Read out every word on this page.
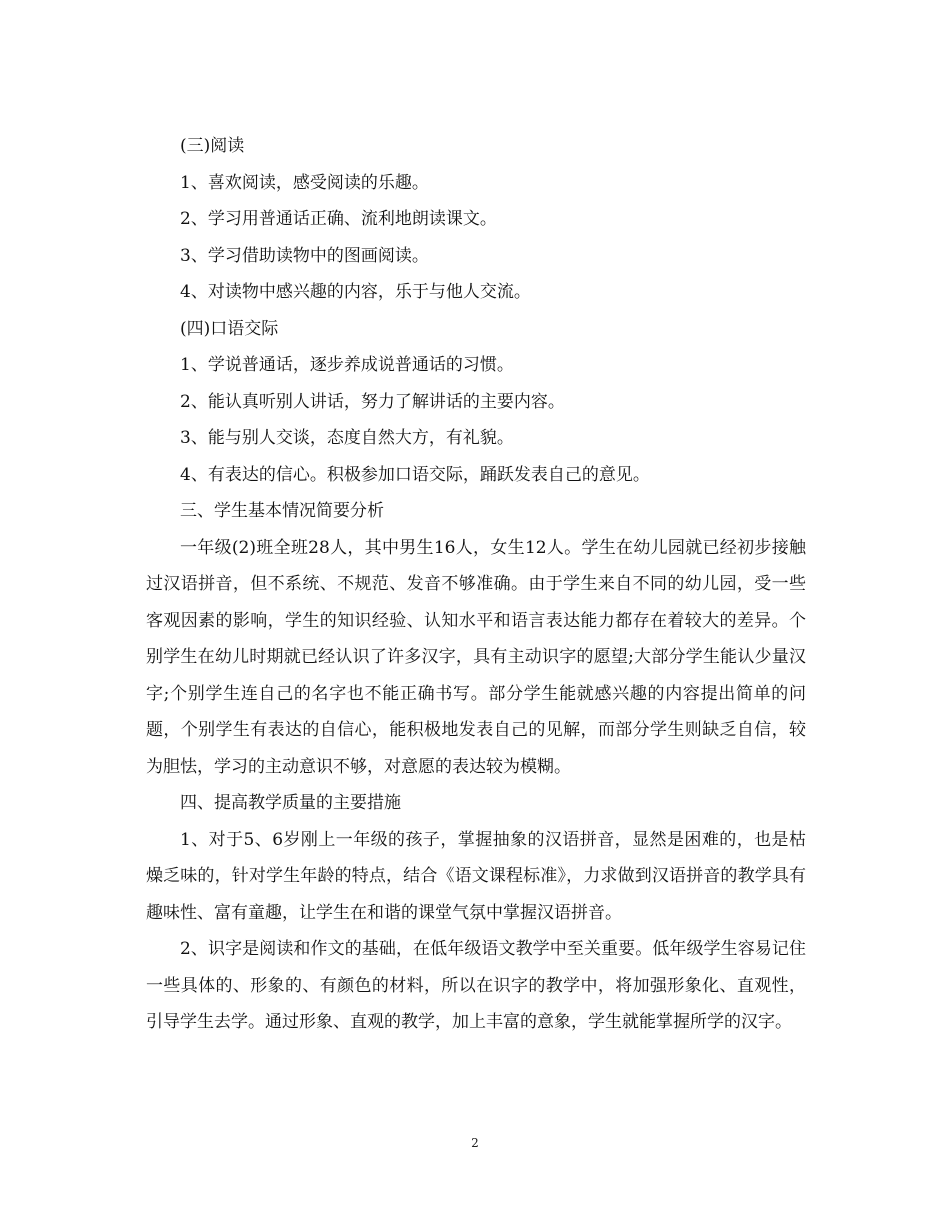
(三)阅读
1、喜欢阅读，感受阅读的乐趣。
2、学习用普通话正确、流利地朗读课文。
3、学习借助读物中的图画阅读。
4、对读物中感兴趣的内容，乐于与他人交流。
(四)口语交际
1、学说普通话，逐步养成说普通话的习惯。
2、能认真听别人讲话，努力了解讲话的主要内容。
3、能与别人交谈，态度自然大方，有礼貌。
4、有表达的信心。积极参加口语交际，踊跃发表自己的意见。
三、学生基本情况简要分析
一年级(2)班全班28人，其中男生16人，女生12人。学生在幼儿园就已经初步接触过汉语拼音，但不系统、不规范、发音不够准确。由于学生来自不同的幼儿园，受一些客观因素的影响，学生的知识经验、认知水平和语言表达能力都存在着较大的差异。个别学生在幼儿时期就已经认识了许多汉字，具有主动识字的愿望;大部分学生能认少量汉字;个别学生连自己的名字也不能正确书写。部分学生能就感兴趣的内容提出简单的问题，个别学生有表达的自信心，能积极地发表自己的见解，而部分学生则缺乏自信，较为胆怯，学习的主动意识不够，对意愿的表达较为模糊。
四、提高教学质量的主要措施
1、对于5、6岁刚上一年级的孩子，掌握抽象的汉语拼音，显然是困难的，也是枯燥乏味的，针对学生年龄的特点，结合《语文课程标准》，力求做到汉语拼音的教学具有趣味性、富有童趣，让学生在和谐的课堂气氛中掌握汉语拼音。
2、识字是阅读和作文的基础，在低年级语文教学中至关重要。低年级学生容易记住一些具体的、形象的、有颜色的材料，所以在识字的教学中，将加强形象化、直观性，引导学生去学。通过形象、直观的教学，加上丰富的意象，学生就能掌握所学的汉字。
2
